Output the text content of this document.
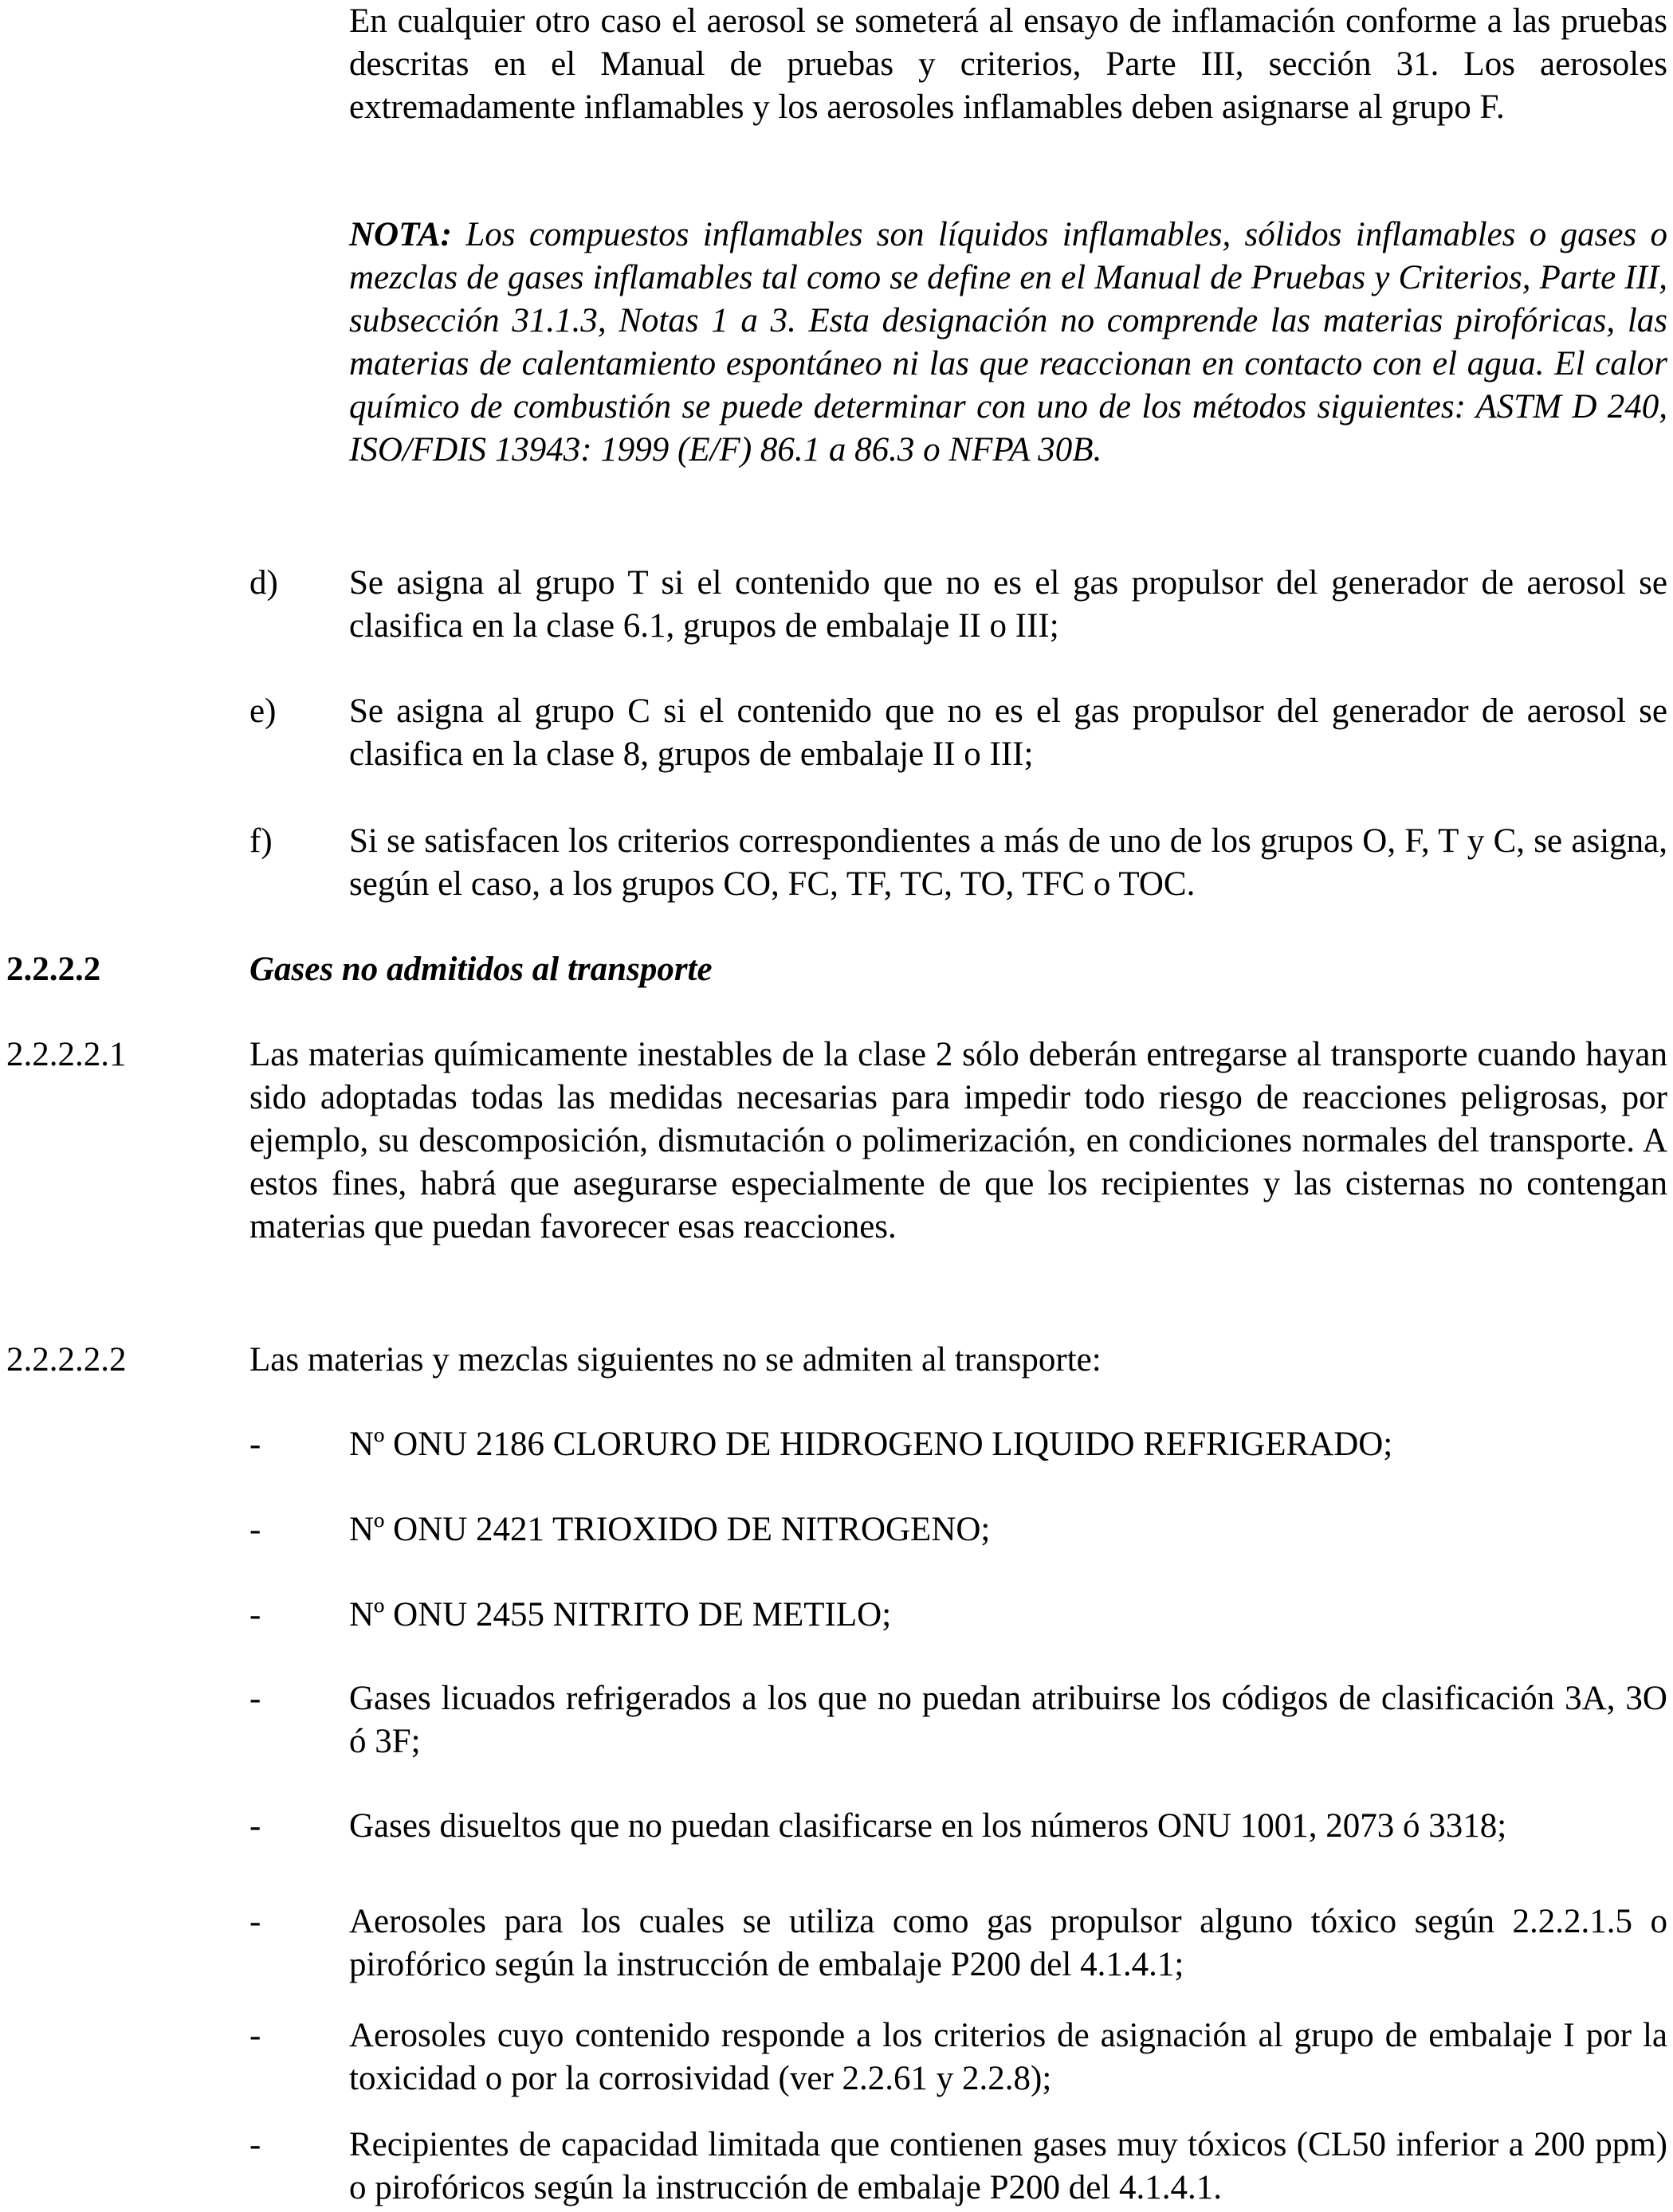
En cualquier otro caso el aerosol se someterá al ensayo de inflamación conforme a las pruebas descritas en el Manual de pruebas y criterios, Parte III, sección 31. Los aerosoles extremadamente inflamables y los aerosoles inflamables deben asignarse al grupo F.

NOTA: Los compuestos inflamables son líquidos inflamables, sólidos inflamables o gases o mezclas de gases inflamables tal como se define en el Manual de Pruebas y Criterios, Parte III, subsección 31.1.3, Notas 1 a 3. Esta designación no comprende las materias pirofóricas, las materias de calentamiento espontáneo ni las que reaccionan en contacto con el agua. El calor químico de combustión se puede determinar con uno de los métodos siguientes: ASTM D 240, ISO/FDIS 13943: 1999 (E/F) 86.1 a 86.3 o NFPA 30B.

d)	Se asigna al grupo T si el contenido que no es el gas propulsor del generador de aerosol se clasifica en la clase 6.1, grupos de embalaje II o III;

e)	Se asigna al grupo C si el contenido que no es el gas propulsor del generador de aerosol se clasifica en la clase 8, grupos de embalaje II o III;

f)	Si se satisfacen los criterios correspondientes a más de uno de los grupos O, F, T y C, se asigna, según el caso, a los grupos CO, FC, TF, TC, TO, TFC o TOC.

2.2.2.2	Gases no admitidos al transporte

2.2.2.2.1	Las materias químicamente inestables de la clase 2 sólo deberán entregarse al transporte cuando hayan sido adoptadas todas las medidas necesarias para impedir todo riesgo de reacciones peligrosas, por ejemplo, su descomposición, dismutación o polimerización, en condiciones normales del transporte. A estos fines, habrá que asegurarse especialmente de que los recipientes y las cisternas no contengan materias que puedan favorecer esas reacciones.

2.2.2.2.2	Las materias y mezclas siguientes no se admiten al transporte:

-	Nº ONU 2186 CLORURO DE HIDROGENO LIQUIDO REFRIGERADO;

-	Nº ONU 2421 TRIOXIDO DE NITROGENO;

-	Nº ONU 2455 NITRITO DE METILO;

-	Gases licuados refrigerados a los que no puedan atribuirse los códigos de clasificación 3A, 3O ó 3F;

-	Gases disueltos que no puedan clasificarse en los números ONU 1001, 2073 ó 3318;

-	Aerosoles para los cuales se utiliza como gas propulsor alguno tóxico según 2.2.2.1.5 o pirofórico según la instrucción de embalaje P200 del 4.1.4.1;

-	Aerosoles cuyo contenido responde a los criterios de asignación al grupo de embalaje I por la toxicidad o por la corrosividad (ver 2.2.61 y 2.2.8);

-	Recipientes de capacidad limitada que contienen gases muy tóxicos (CL50 inferior a 200 ppm) o pirofóricos según la instrucción de embalaje P200 del 4.1.4.1.
